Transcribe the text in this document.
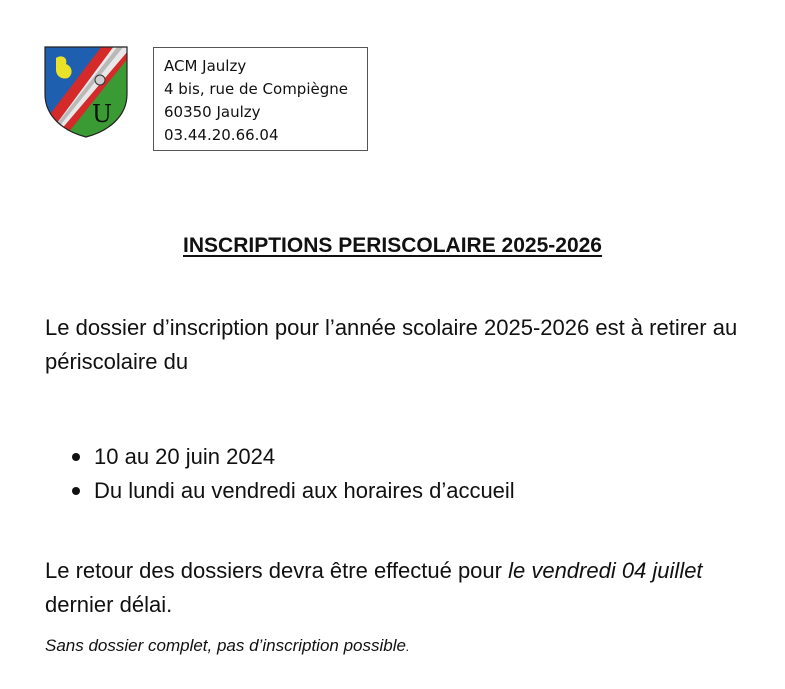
U
ACM Jaulzy
4 bis, rue de Compiègne
60350 Jaulzy
03.44.20.66.04
INSCRIPTIONS PERISCOLAIRE 2025-2026

Le dossier d’inscription pour l’année scolaire 2025-2026 est à retirer au périscolaire du

10 au 20 juin 2024
Du lundi au vendredi aux horaires d’accueil

Le retour des dossiers devra être effectué pour le vendredi 04 juillet dernier délai.

Sans dossier complet, pas d’inscription possible.
